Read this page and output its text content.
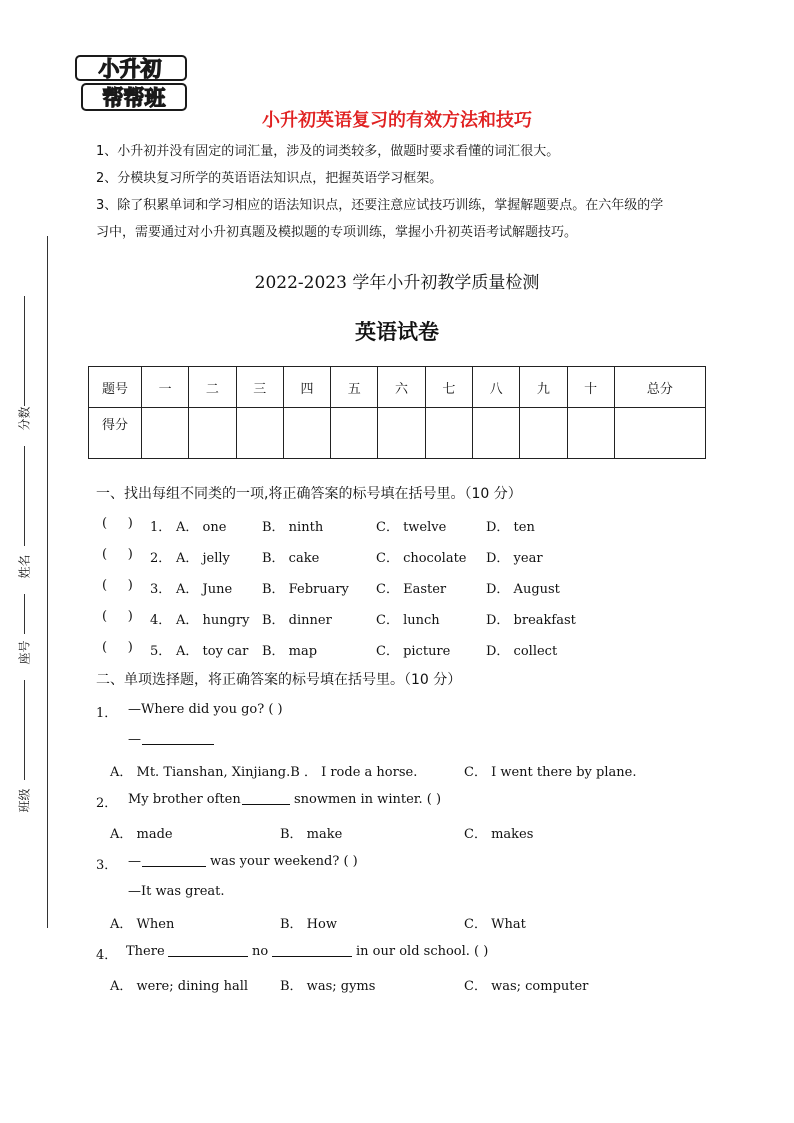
小升初
帮帮班
小升初英语复习的有效方法和技巧
1、小升初并没有固定的词汇量，涉及的词类较多，做题时要求看懂的词汇很大。
2、分模块复习所学的英语语法知识点，把握英语学习框架。
3、除了积累单词和学习相应的语法知识点，还要注意应试技巧训练，掌握解题要点。在六年级的学
习中，需要通过对小升初真题及模拟题的专项训练，掌握小升初英语考试解题技巧。
2022-2023 学年小升初教学质量检测
英语试卷
题号	一	二	三	四	五	六	七	八	九	十	总分
得分											
分数
姓名
座号
班级
一、找出每组不同类的一项,将正确答案的标号填在括号里。（10 分）
(     ) 1． A． one	B． ninth	C． twelve	D． ten
(     ) 2． A． jelly B． cake	C． chocolate D． year
(     ) 3． A． June B． February C． Easter	D． August
(     ) 4． A． hungry B． dinner	C． lunch	D． breakfast
(     ) 5． A． toy car B． map	C． picture	D． collect
二、单项选择题，将正确答案的标号填在括号里。（10 分）
1． —Where did you go? ( )
—
A． Mt. Tianshan, Xinjiang.B ． I rode a horse.	C． I went there by plane.
2． My brother often	snowmen in winter. ( )
A． made	B． make	C． makes
3． —	was your weekend? ( )
—It was great.
A． When	B． How	C． What
4． There	no	in our old school. ( )
A． were; dining hall B． was; gyms	C． was; computer
